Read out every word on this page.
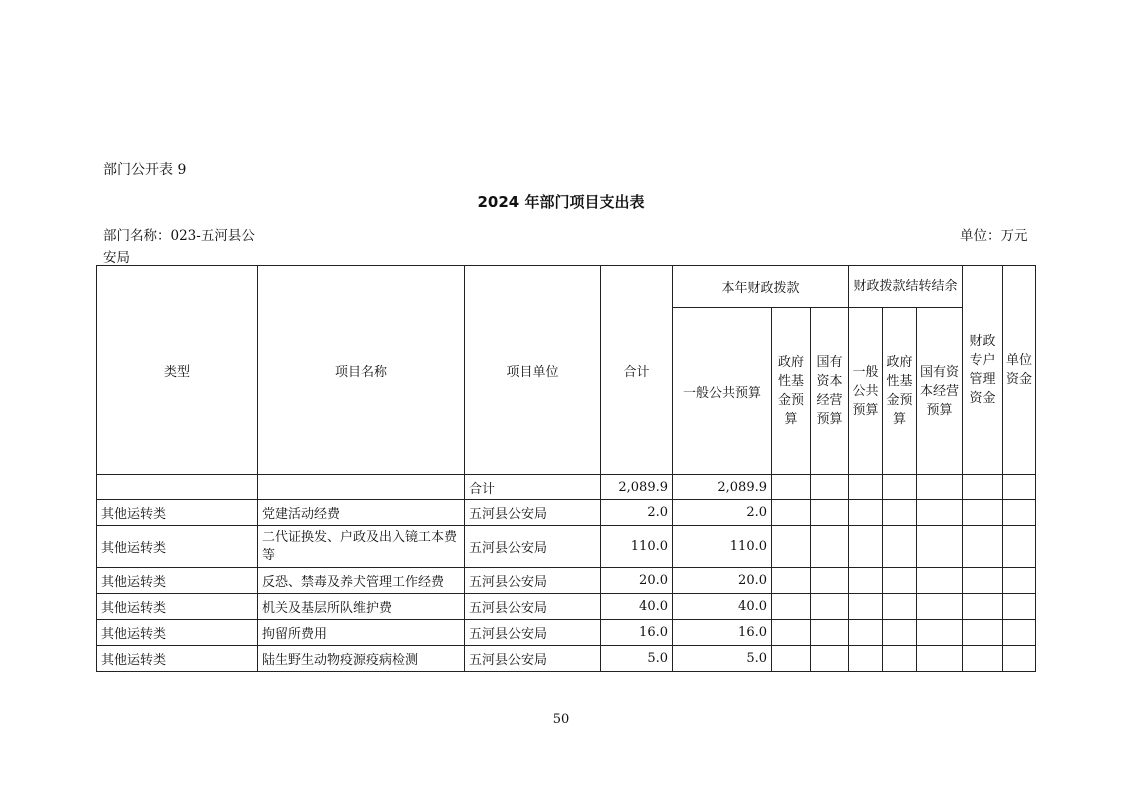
部门公开表 9
2024 年部门项目支出表
部门名称：023-五河县公安局
单位：万元
类型	项目名称	项目单位	合计	本年财政拨款			财政拨款结转结余			财政专户管理资金	单位资金
				一般公共预算	政府性基金预算	国有资本经营预算	一般公共预算	政府性基金预算	国有资本经营预算		
		合计	2,089.9	2,089.9							
其他运转类	党建活动经费	五河县公安局	2.0	2.0							
其他运转类	二代证换发、户政及出入镜工本费等	五河县公安局	110.0	110.0							
其他运转类	反恐、禁毒及养犬管理工作经费	五河县公安局	20.0	20.0							
其他运转类	机关及基层所队维护费	五河县公安局	40.0	40.0							
其他运转类	拘留所费用	五河县公安局	16.0	16.0							
其他运转类	陆生野生动物疫源疫病检测	五河县公安局	5.0	5.0							
50
